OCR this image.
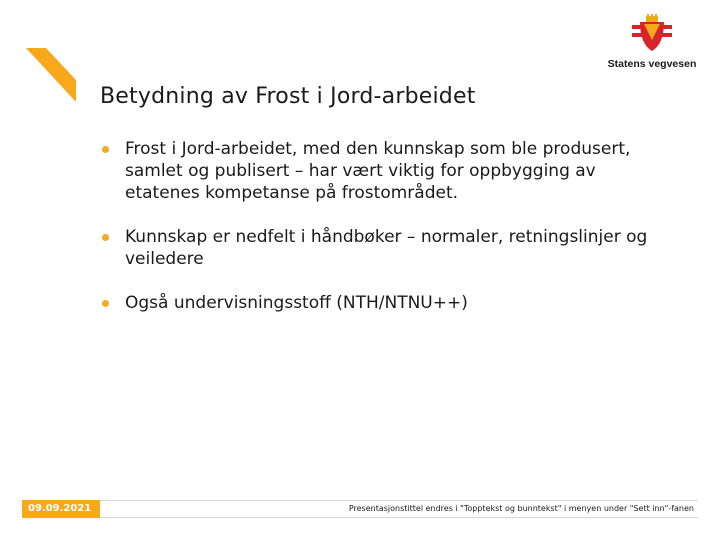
Statens vegvesen
Betydning av Frost i Jord-arbeidet
Frost i Jord-arbeidet, med den kunnskap som ble produsert, samlet og publisert – har vært viktig for oppbygging av etatenes kompetanse på frostområdet.
Kunnskap er nedfelt i håndbøker – normaler, retningslinjer og veiledere
Også undervisningsstoff (NTH/NTNU++)
09.09.2021	Presentasjonstittel endres i "Topptekst og bunntekst" i menyen under "Sett inn"-fanen
